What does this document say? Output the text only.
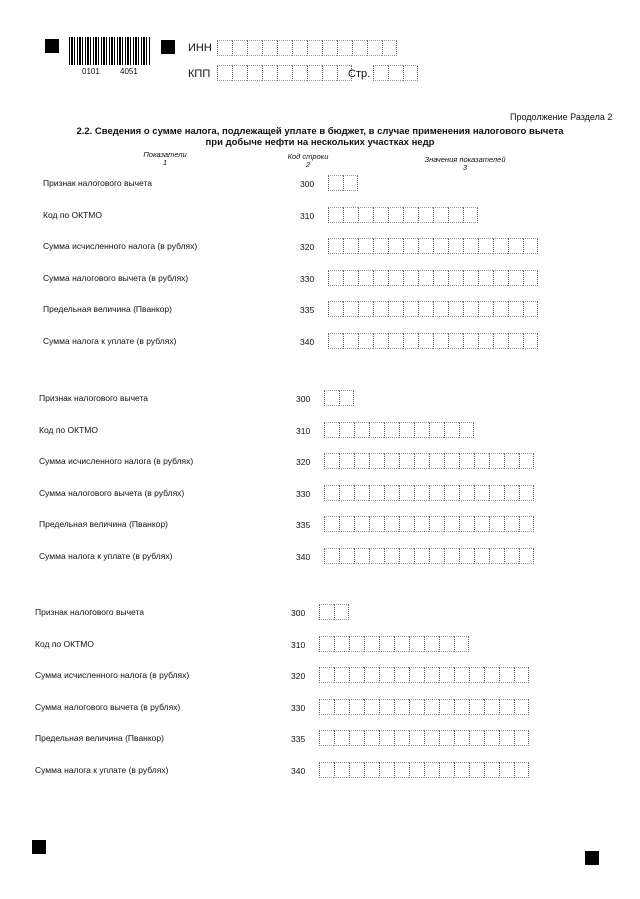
0101	4051
ИНН
КПП	Стр.
Продолжение Раздела 2
2.2. Сведения о сумме налога, подлежащей уплате в бюджет, в случае применения налогового вычета
при добыче нефти на нескольких участках недр
Показатели
1
Код строки
2
Значения показателей
3
Признак налогового вычета	300
Код по ОКТМО	310
Сумма исчисленного налога (в рублях)	320
Сумма налогового вычета (в рублях)	330
Предельная величина (Пванкор)	335
Сумма налога к уплате (в рублях)	340
Признак налогового вычета	300
Код по ОКТМО	310
Сумма исчисленного налога (в рублях)	320
Сумма налогового вычета (в рублях)	330
Предельная величина (Пванкор)	335
Сумма налога к уплате (в рублях)	340
Признак налогового вычета	300
Код по ОКТМО	310
Сумма исчисленного налога (в рублях)	320
Сумма налогового вычета (в рублях)	330
Предельная величина (Пванкор)	335
Сумма налога к уплате (в рублях)	340
